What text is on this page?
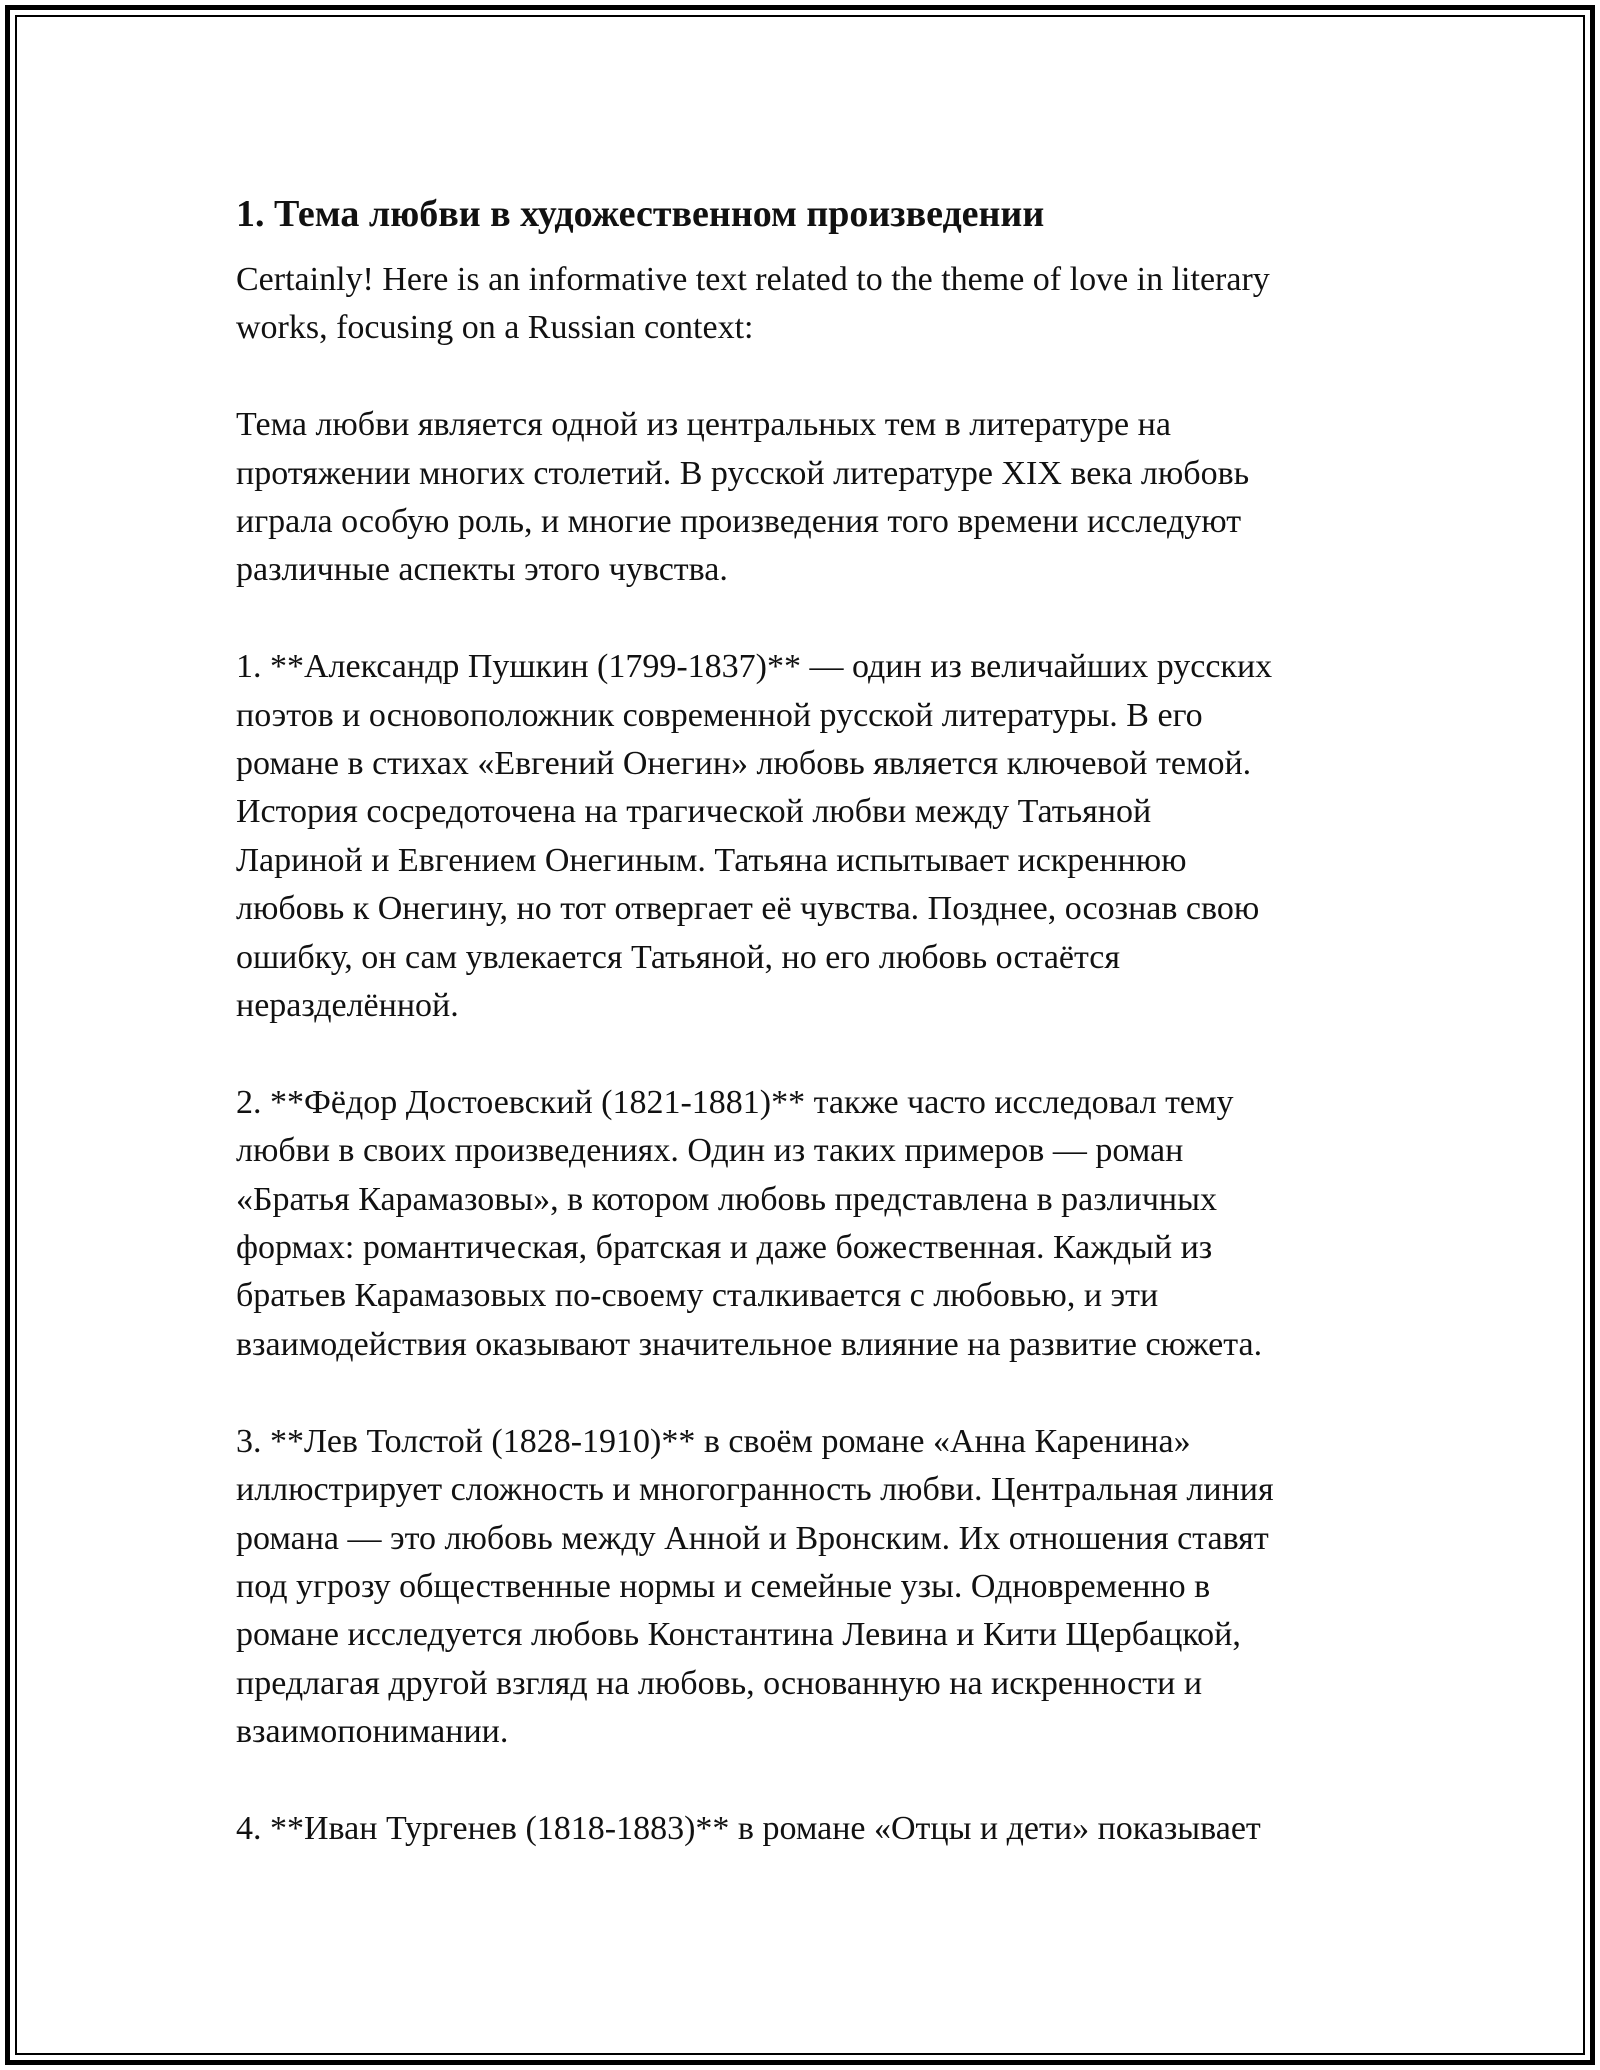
1. Тема любви в художественном произведении
Certainly! Here is an informative text related to the theme of love in literary
works, focusing on a Russian context:
Тема любви является одной из центральных тем в литературе на
протяжении многих столетий. В русской литературе XIX века любовь
играла особую роль, и многие произведения того времени исследуют
различные аспекты этого чувства.
1. **Александр Пушкин (1799-1837)** — один из величайших русских
поэтов и основоположник современной русской литературы. В его
романе в стихах «Евгений Онегин» любовь является ключевой темой.
История сосредоточена на трагической любви между Татьяной
Лариной и Евгением Онегиным. Татьяна испытывает искреннюю
любовь к Онегину, но тот отвергает её чувства. Позднее, осознав свою
ошибку, он сам увлекается Татьяной, но его любовь остаётся
неразделённой.
2. **Фёдор Достоевский (1821-1881)** также часто исследовал тему
любви в своих произведениях. Один из таких примеров — роман
«Братья Карамазовы», в котором любовь представлена в различных
формах: романтическая, братская и даже божественная. Каждый из
братьев Карамазовых по-своему сталкивается с любовью, и эти
взаимодействия оказывают значительное влияние на развитие сюжета.
3. **Лев Толстой (1828-1910)** в своём романе «Анна Каренина»
иллюстрирует сложность и многогранность любви. Центральная линия
романа — это любовь между Анной и Вронским. Их отношения ставят
под угрозу общественные нормы и семейные узы. Одновременно в
романе исследуется любовь Константина Левина и Кити Щербацкой,
предлагая другой взгляд на любовь, основанную на искренности и
взаимопонимании.
4. **Иван Тургенев (1818-1883)** в романе «Отцы и дети» показывает
